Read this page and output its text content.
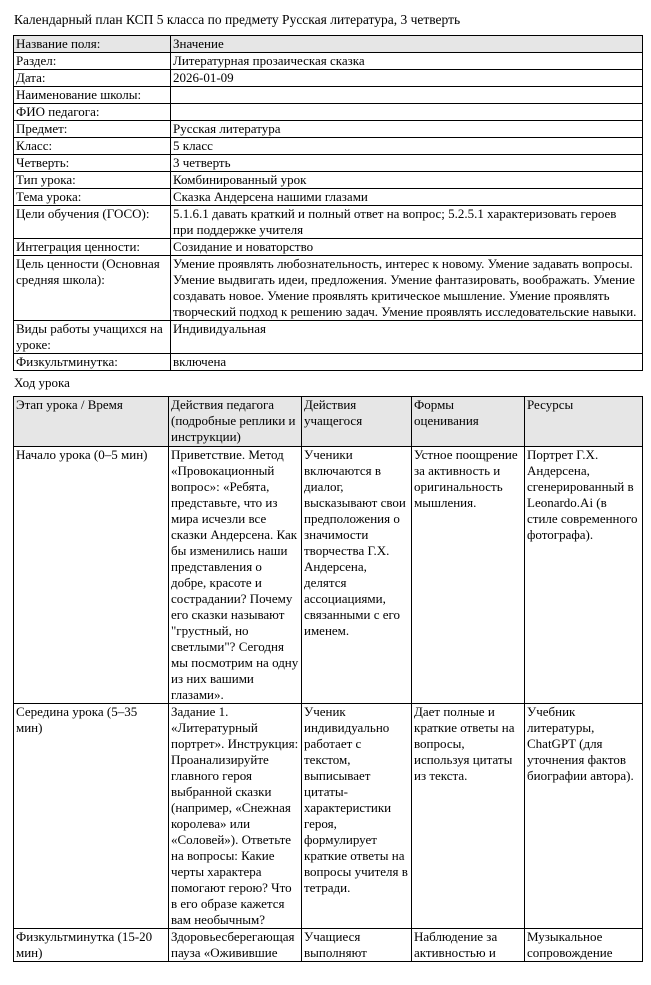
Календарный план КСП 5 класса по предмету Русская литература, 3 четверть
Название поля:	Значение
Раздел:	Литературная прозаическая сказка
Дата:	2026-01-09
Наименование школы:	
ФИО педагога:	
Предмет:	Русская литература
Класс:	5 класс
Четверть:	3 четверть
Тип урока:	Комбинированный урок
Тема урока:	Сказка Андерсена нашими глазами
Цели обучения (ГОСО):	5.1.6.1 давать краткий и полный ответ на вопрос; 5.2.5.1 характеризовать героев при поддержке учителя
Интеграция ценности:	Созидание и новаторство
Цель ценности (Основная средняя школа):	Умение проявлять любознательность, интерес к новому. Умение задавать вопросы. Умение выдвигать идеи, предложения. Умение фантазировать, воображать. Умение создавать новое. Умение проявлять критическое мышление. Умение проявлять творческий подход к решению задач. Умение проявлять исследовательские навыки.
Виды работы учащихся на уроке:	Индивидуальная
Физкультминутка:	включена
Ход урока
Этап урока / Время	Действия педагога (подробные реплики и инструкции)	Действия учащегося	Формы оценивания	Ресурсы
Начало урока (0–5 мин)	Приветствие. Метод «Провокационный вопрос»: «Ребята, представьте, что из мира исчезли все сказки Андерсена. Как бы изменились наши представления о добре, красоте и сострадании? Почему его сказки называют "грустный, но светлыми"? Сегодня мы посмотрим на одну из них вашими глазами».	Ученики включаются в диалог, высказывают свои предположения о значимости творчества Г.Х. Андерсена, делятся ассоциациями, связанными с его именем.	Устное поощрение за активность и оригинальность мышления.	Портрет Г.Х. Андерсена, сгенерированный в Leonardo.Ai (в стиле современного фотографа).
Середина урока (5–35 мин)	Задание 1. «Литературный портрет». Инструкция: Проанализируйте главного героя выбранной сказки (например, «Снежная королева» или «Соловей»). Ответьте на вопросы: Какие черты характера помогают герою? Что в его образе кажется вам необычным?	Ученик индивидуально работает с текстом, выписывает цитаты-характеристики героя, формулирует краткие ответы на вопросы учителя в тетради.	Дает полные и краткие ответы на вопросы, используя цитаты из текста.	Учебник литературы, ChatGPT (для уточнения фактов биографии автора).
Физкультминутка (15-20 мин)	Здоровьесберегающая пауза «Оживившие	Учащиеся выполняют	Наблюдение за активностью и	Музыкальное сопровождение
